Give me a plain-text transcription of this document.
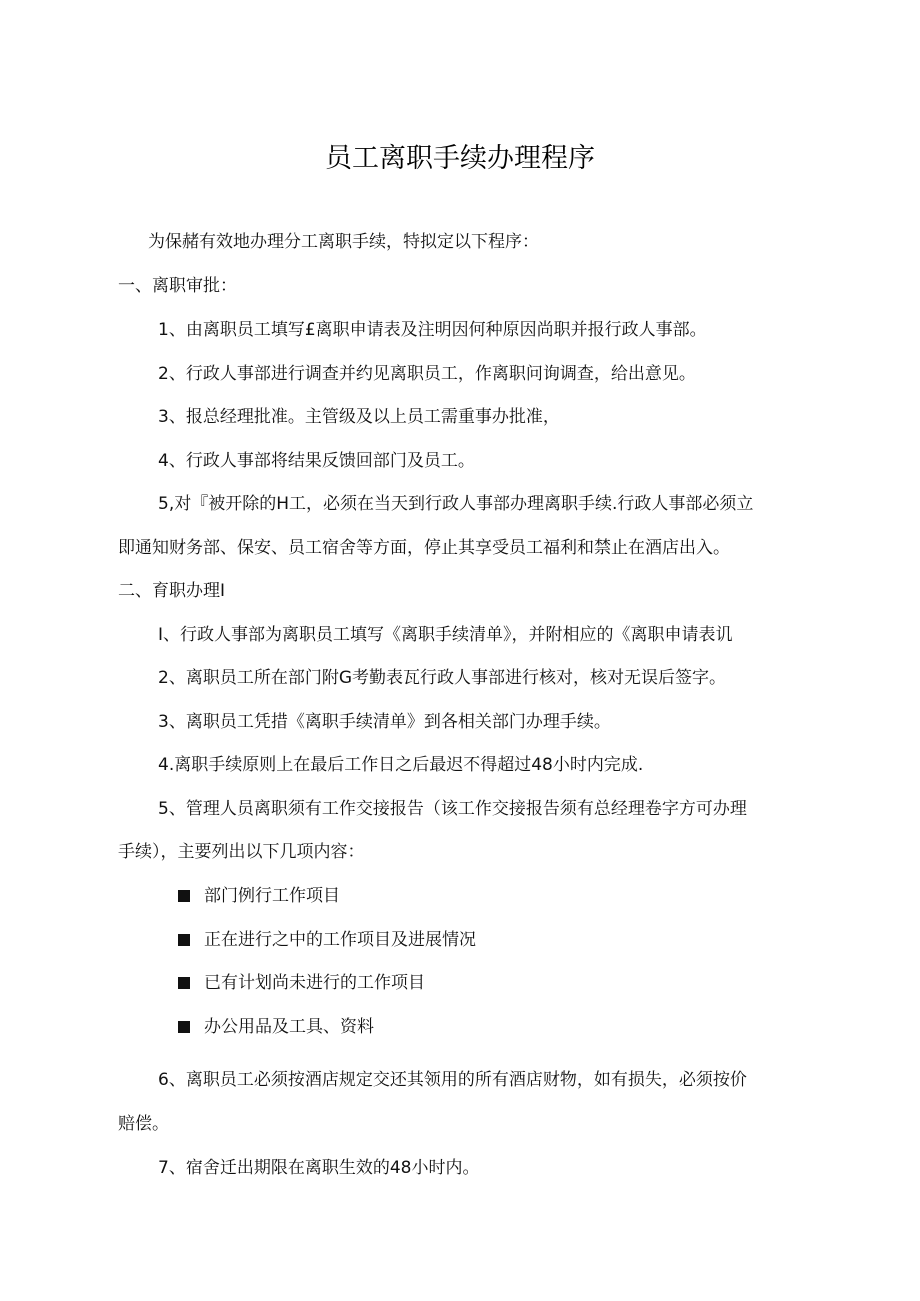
员工离职手续办理程序
为保赭有效地办理分工离职手续，特拟定以下程序：
一、离职审批：
1、由离职员工填写£离职申请表及注明因何种原因尚职并报行政人事部。
2、行政人事部进行调查并约见离职员工，作离职问询调查，给出意见。
3、报总经理批准。主管级及以上员工需重事办批准，
4、行政人事部将结果反馈回部门及员工。
5,对『被开除的H工，必须在当天到行政人事部办理离职手续.行政人事部必须立
即通知财务部、保安、员工宿舍等方面，停止其享受员工福利和禁止在酒店出入。
二、育职办理I
I、行政人事部为离职员工填写《离职手续清单》，并附相应的《离职申请表讥
2、离职员工所在部门附G考勤表瓦行政人事部进行核对，核对无误后签字。
3、离职员工凭措《离职手续清单》到各相关部门办理手续。
4.离职手续原则上在最后工作日之后最迟不得超过48小时内完成.
5、管理人员离职须有工作交接报告（该工作交接报告须有总经理卷字方可办理
手续），主要列出以下几项内容：
部门例行工作项目
正在进行之中的工作项目及进展情况
已有计划尚未进行的工作项目
办公用品及工具、资料
6、离职员工必须按酒店规定交还其领用的所有酒店财物，如有损失，必须按价
赔偿。
7、宿舍迁出期限在离职生效的48小时内。
